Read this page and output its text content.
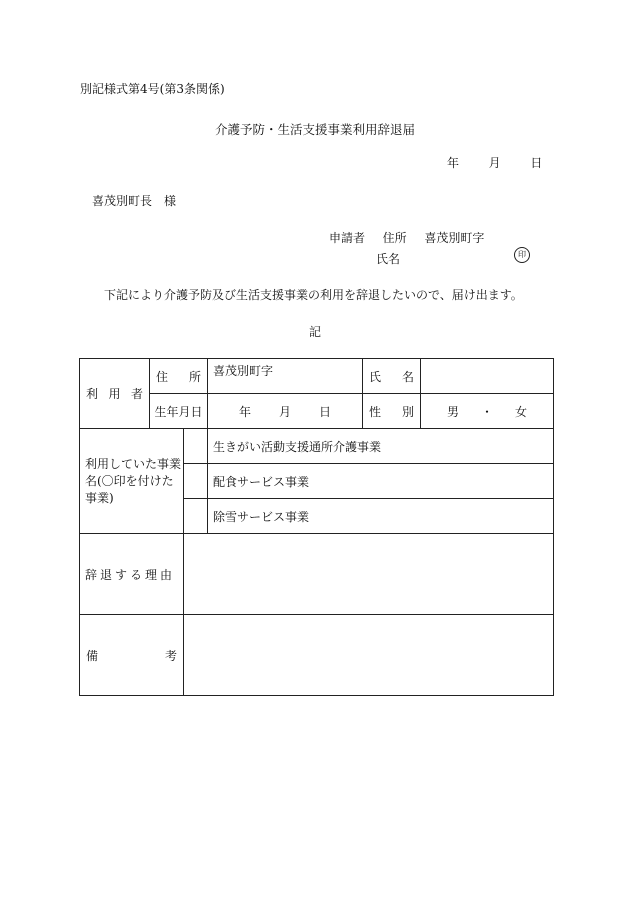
別記様式第4号(第3条関係)
介護予防・生活支援事業利用辞退届
年 月 日
喜茂別町長　様
申請者 住所 喜茂別町字
氏名	印
下記により介護予防及び生活支援事業の利用を辞退したいので、届け出ます。
記
利 用 者	住 所		喜茂別町字	氏 名	

	生年月日		年 月 日	性 別	男 ・ 女

利用していた事業名(〇印を付けた事業)			生きがい活動支援通所介護事業		
			配食サービス事業		
			除雪サービス事業		
辞退する理由					

備 考					
